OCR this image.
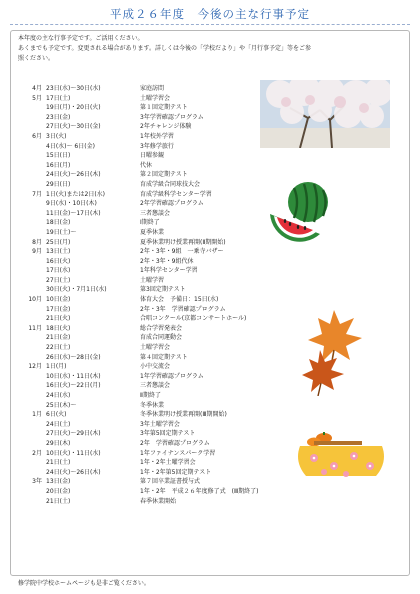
平成２６年度　今後の主な行事予定
本年度の主な行事予定です。ご活用ください。
あくまでも予定です。変更される場合があります。詳しくは今後の「学校だより」や「月行事予定」等をご参
照ください。
4月 23日(水)～30日(水)	家庭訪問
5月 17日(土)	土曜学習会
19日(月)・20日(火)	第１回定期テスト
23日(金)	3年学習確認プログラム
27日(火)～30日(金)	2年チャレンジ体験
6月 3日(火)	1年校外学習
4日(水)～ 6日(金)	3年修学旅行
15日(日)	日曜参観
16日(月)	代休
24日(火)～26日(木)	第２回定期テスト
29日(日)	育成学級合同球技大会
7月 1日(火)または2日(水)	育成学級科学センター学習
9日(水)・10日(木)	2年学習確認プログラム
11日(金)～17日(木)	三者懇談会
18日(金)	Ⅰ期終了
19日(土)～	夏季休業
8月 25日(月)	夏季休業明け授業再開(Ⅱ期開始)
9月 13日(土)	2年・3年・9組　一乗寺バザー
16日(火)	2年・3年・9組代休
17日(水)	1年科学センター学習
27日(土)	土曜学習
30日(火)・7月1日(水)	第3回定期テスト
10月 10日(金)	体育大会　予備日：15日(水)
17日(金)	2年・3年　学習確認プログラム
21日(火)	合唱コンクール(京都コンサートホール)
11月 18日(火)	総合学習発表会
21日(金)	育成合同運動会
22日(土)	土曜学習会
26日(水)～28日(金)	第４回定期テスト
12月 1日(月)	小中交流会
10日(水)・11日(木)	1年学習確認プログラム
16日(火)～22日(月)	三者懇談会
24日(水)	Ⅱ期終了
25日(木)～	冬季休業
1月 6日(火)	冬季休業明け授業再開(Ⅲ期開始)
24日(土)	3年土曜学習会
27日(火)～29日(木)	3年第5回定期テスト
29日(木)	2年　学習確認プログラム
2月 10日(火)・11日(水)	1年ファイナンスパーク学習
21日(土)	1年・2年土曜学習会
24日(火)～26日(木)	1年・2年第5回定期テスト
3年 13日(金)	第７回卒業証書授与式
20日(金)	1年・2年　平成２６年度修了式　(Ⅲ期終了)
21日(土)	春季休業開始
修学院中学校ホームページも是非ご覧ください。
